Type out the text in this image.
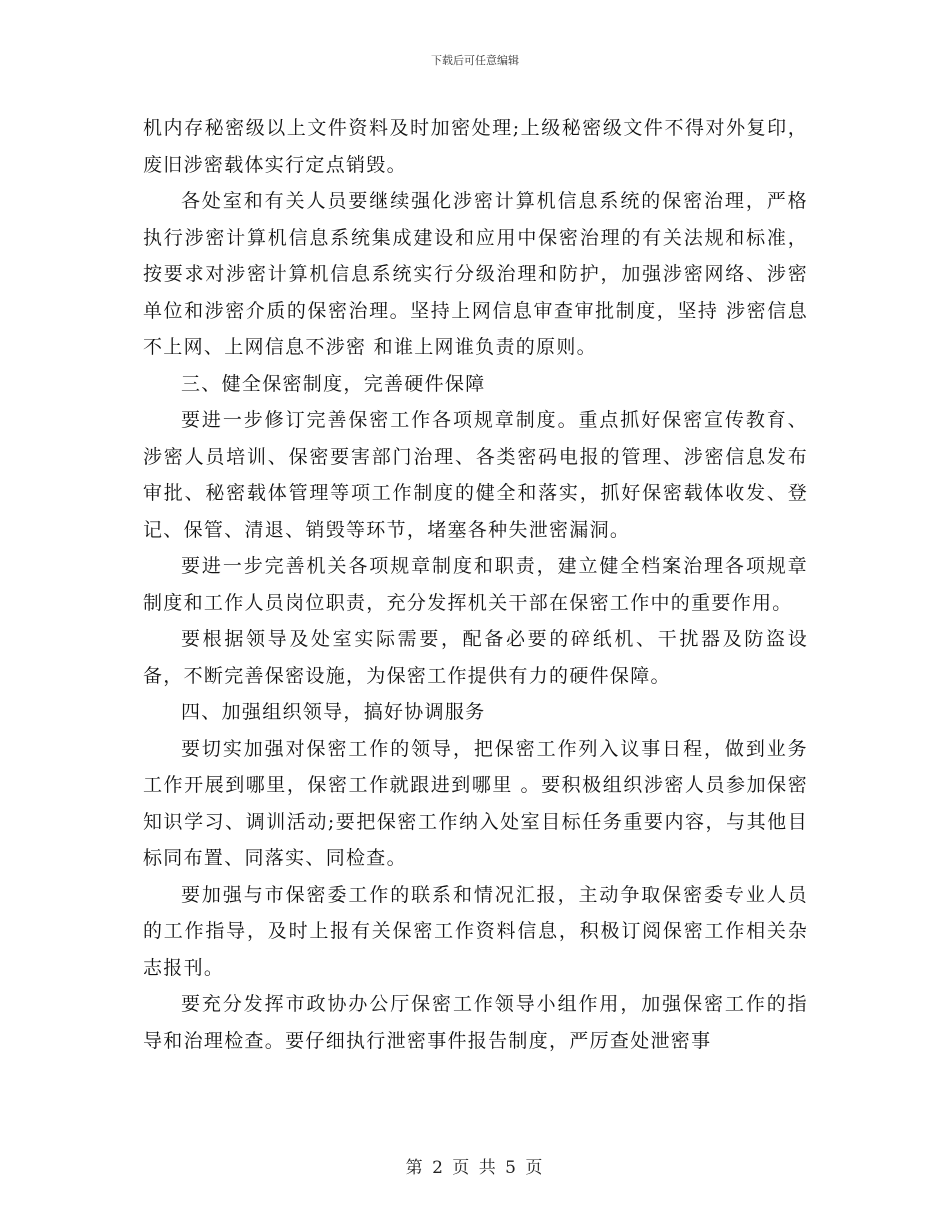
下载后可任意编辑

机内存秘密级以上文件资料及时加密处理;上级秘密级文件不得对外复印，废旧涉密载体实行定点销毁。

各处室和有关人员要继续强化涉密计算机信息系统的保密治理，严格执行涉密计算机信息系统集成建设和应用中保密治理的有关法规和标准，按要求对涉密计算机信息系统实行分级治理和防护，加强涉密网络、涉密单位和涉密介质的保密治理。坚持上网信息审查审批制度，坚持 涉密信息不上网、上网信息不涉密 和谁上网谁负责的原则。

三、健全保密制度，完善硬件保障

要进一步修订完善保密工作各项规章制度。重点抓好保密宣传教育、涉密人员培训、保密要害部门治理、各类密码电报的管理、涉密信息发布审批、秘密载体管理等项工作制度的健全和落实，抓好保密载体收发、登记、保管、清退、销毁等环节，堵塞各种失泄密漏洞。

要进一步完善机关各项规章制度和职责，建立健全档案治理各项规章制度和工作人员岗位职责，充分发挥机关干部在保密工作中的重要作用。

要根据领导及处室实际需要，配备必要的碎纸机、干扰器及防盗设备，不断完善保密设施，为保密工作提供有力的硬件保障。

四、加强组织领导，搞好协调服务

要切实加强对保密工作的领导，把保密工作列入议事日程，做到业务工作开展到哪里，保密工作就跟进到哪里 。要积极组织涉密人员参加保密知识学习、调训活动;要把保密工作纳入处室目标任务重要内容，与其他目标同布置、同落实、同检查。

要加强与市保密委工作的联系和情况汇报，主动争取保密委专业人员的工作指导，及时上报有关保密工作资料信息，积极订阅保密工作相关杂志报刊。

要充分发挥市政协办公厅保密工作领导小组作用，加强保密工作的指导和治理检查。要仔细执行泄密事件报告制度，严厉查处泄密事

第 2 页 共 5 页
